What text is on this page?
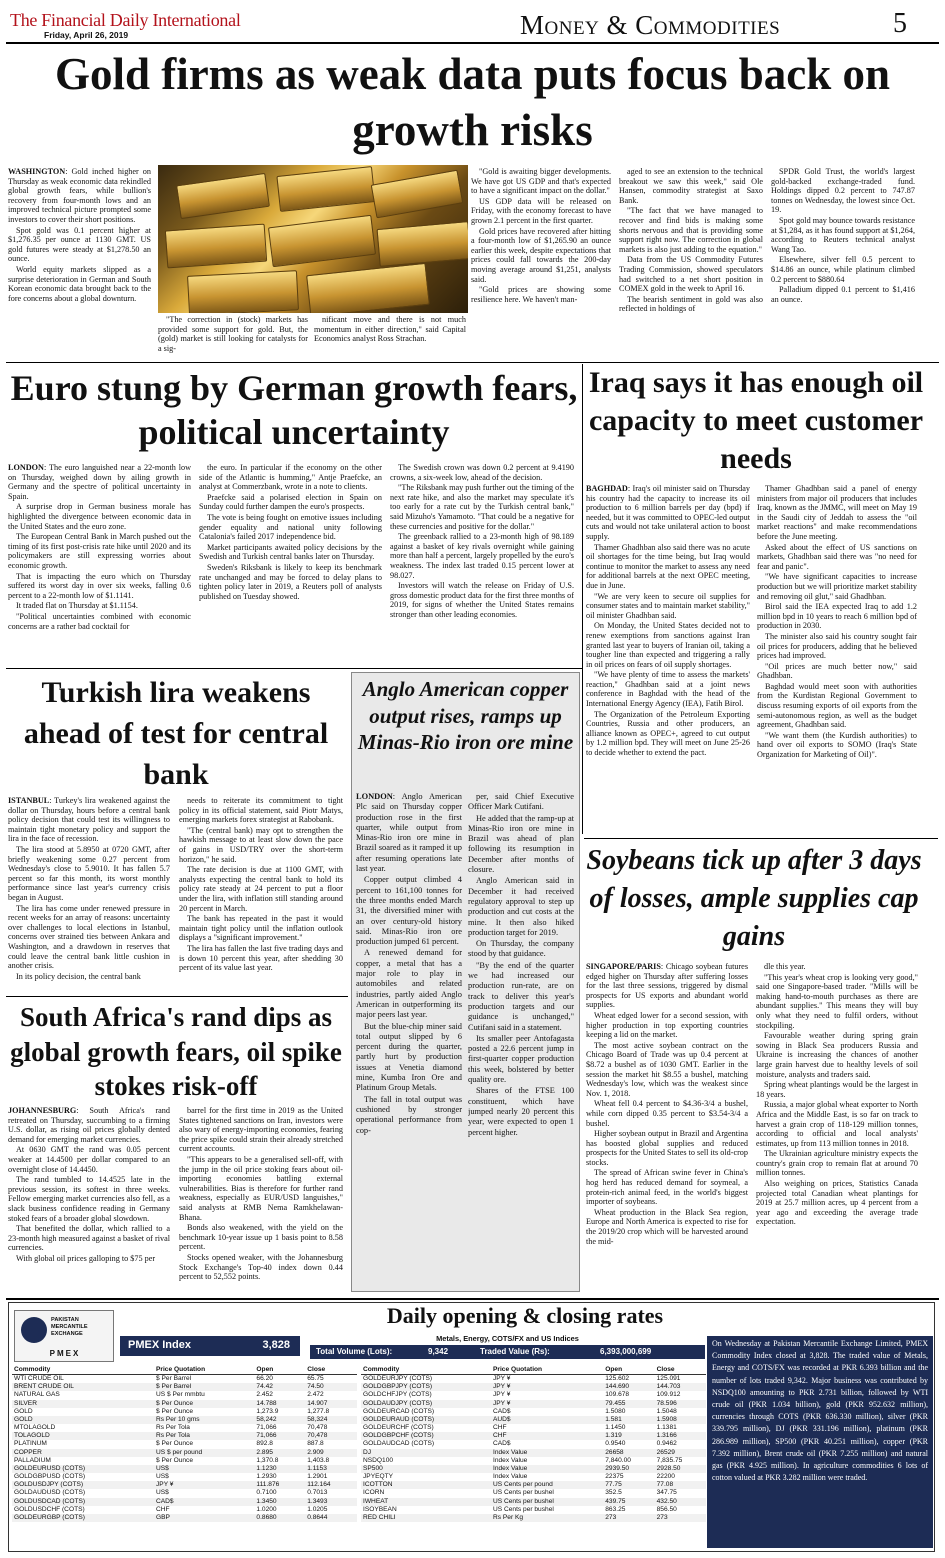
The Financial Daily International
Friday, April 26, 2019	Money & Commodities	5
Gold firms as weak data puts focus back on growth risks

WASHINGTON: Gold inched higher on Thursday as weak economic data rekindled global growth fears, while bullion's recovery from four-month lows and an improved technical picture prompted some investors to cover their short positions.

Spot gold was 0.1 percent higher at $1,276.35 per ounce at 1130 GMT. US gold futures were steady at $1,278.50 an ounce.

World equity markets slipped as a surprise deterioration in German and South Korean economic data brought back to the fore concerns about a global downturn.

"The correction in (stock) markets has provided some support for gold. But, the (gold) market is still looking for catalysts for a sig-

nificant move and there is not much momentum in either direction," said Capital Economics analyst Ross Strachan.

"Gold is awaiting bigger developments. We have got US GDP and that's expected to have a significant impact on the dollar."

US GDP data will be released on Friday, with the economy forecast to have grown 2.1 percent in the first quarter.

Gold prices have recovered after hitting a four-month low of $1,265.90 an ounce earlier this week, despite expectations that prices could fall towards the 200-day moving average around $1,251, analysts said.

"Gold prices are showing some resilience here. We haven't man-

aged to see an extension to the technical breakout we saw this week," said Ole Hansen, commodity strategist at Saxo Bank.

"The fact that we have managed to recover and find bids is making some shorts nervous and that is providing some support right now. The correction in global markets is also just adding to the equation."

Data from the US Commodity Futures Trading Commission, showed speculators had switched to a net short position in COMEX gold in the week to April 16.

The bearish sentiment in gold was also reflected in holdings of

SPDR Gold Trust, the world's largest gold-backed exchange-traded fund. Holdings dipped 0.2 percent to 747.87 tonnes on Wednesday, the lowest since Oct. 19.

Spot gold may bounce towards resistance at $1,284, as it has found support at $1,264, according to Reuters technical analyst Wang Tao.

Elsewhere, silver fell 0.5 percent to $14.86 an ounce, while platinum climbed 0.2 percent to $880.64

Palladium dipped 0.1 percent to $1,416 an ounce.

Euro stung by German growth fears, political uncertainty

LONDON: The euro languished near a 22-month low on Thursday, weighed down by ailing growth in Germany and the spectre of political uncertainty in Spain.

A surprise drop in German business morale has highlighted the divergence between economic data in the United States and the euro zone.

The European Central Bank in March pushed out the timing of its first post-crisis rate hike until 2020 and its policymakers are still expressing worries about economic growth.

That is impacting the euro which on Thursday suffered its worst day in over six weeks, falling 0.6 percent to a 22-month low of $1.1141.

It traded flat on Thursday at $1.1154.

"Political uncertainties combined with economic concerns are a rather bad cocktail for

the euro. In particular if the economy on the other side of the Atlantic is humming," Antje Praefcke, an analyst at Commerzbank, wrote in a note to clients.

Praefcke said a polarised election in Spain on Sunday could further dampen the euro's prospects.

The vote is being fought on emotive issues including gender equality and national unity following Catalonia's failed 2017 independence bid.

Market participants awaited policy decisions by the Swedish and Turkish central banks later on Thursday.

Sweden's Riksbank is likely to keep its benchmark rate unchanged and may be forced to delay plans to tighten policy later in 2019, a Reuters poll of analysts published on Tuesday showed.

The Swedish crown was down 0.2 percent at 9.4190 crowns, a six-week low, ahead of the decision.

"The Riksbank may push further out the timing of the next rate hike, and also the market may speculate it's too early for a rate cut by the Turkish central bank," said Mizuho's Yamamoto. "That could be a negative for these currencies and positive for the dollar."

The greenback rallied to a 23-month high of 98.189 against a basket of key rivals overnight while gaining more than half a percent, largely propelled by the euro's weakness. The index last traded 0.15 percent lower at 98.027.

Investors will watch the release on Friday of U.S. gross domestic product data for the first three months of 2019, for signs of whether the United States remains stronger than other leading economies.

Iraq says it has enough oil capacity to meet customer needs

BAGHDAD: Iraq's oil minister said on Thursday his country had the capacity to increase its oil production to 6 million barrels per day (bpd) if needed, but it was committed to OPEC-led output cuts and would not take unilateral action to boost supply.

Thamer Ghadhban also said there was no acute oil shortages for the time being, but Iraq would continue to monitor the market to assess any need for additional barrels at the next OPEC meeting, due in June.

"We are very keen to secure oil supplies for consumer states and to maintain market stability," oil minister Ghadhban said.

On Monday, the United States decided not to renew exemptions from sanctions against Iran granted last year to buyers of Iranian oil, taking a tougher line than expected and triggering a rally in oil prices on fears of oil supply shortages.

"We have plenty of time to assess the markets' reaction," Ghadhban said at a joint news conference in Baghdad with the head of the International Energy Agency (IEA), Fatih Birol.

The Organization of the Petroleum Exporting Countries, Russia and other producers, an alliance known as OPEC+, agreed to cut output by 1.2 million bpd. They will meet on June 25-26 to decide whether to extend the pact.

Thamer Ghadhban said a panel of energy ministers from major oil producers that includes Iraq, known as the JMMC, will meet on May 19 in the Saudi city of Jeddah to assess the "oil market reactions" and make recommendations before the June meeting.

Asked about the effect of US sanctions on markets, Ghadhban said there was "no need for fear and panic".

"We have significant capacities to increase production but we will prioritize market stability and removing oil glut," said Ghadhban.

Birol said the IEA expected Iraq to add 1.2 million bpd in 10 years to reach 6 million bpd of production in 2030.

The minister also said his country sought fair oil prices for producers, adding that he believed prices had improved.

"Oil prices are much better now," said Ghadhban.

Baghdad would meet soon with authorities from the Kurdistan Regional Government to discuss resuming exports of oil exports from the semi-autonomous region, as well as the budget agreement, Ghadhban said.

"We want them (the Kurdish authorities) to hand over oil exports to SOMO (Iraq's State Organization for Marketing of Oil)".

Turkish lira weakens ahead of test for central bank

ISTANBUL: Turkey's lira weakened against the dollar on Thursday, hours before a central bank policy decision that could test its willingness to maintain tight monetary policy and support the lira in the face of recession.

The lira stood at 5.8950 at 0720 GMT, after briefly weakening some 0.27 percent from Wednesday's close to 5.9010. It has fallen 5.7 percent so far this month, its worst monthly performance since last year's currency crisis began in August.

The lira has come under renewed pressure in recent weeks for an array of reasons: uncertainty over challenges to local elections in Istanbul, concerns over strained ties between Ankara and Washington, and a drawdown in reserves that could leave the central bank little cushion in another crisis.

In its policy decision, the central bank

needs to reiterate its commitment to tight policy in its official statement, said Piotr Matys, emerging markets forex strategist at Rabobank.

"The (central bank) may opt to strengthen the hawkish message to at least slow down the pace of gains in USD/TRY over the short-term horizon," he said.

The rate decision is due at 1100 GMT, with analysts expecting the central bank to hold its policy rate steady at 24 percent to put a floor under the lira, with inflation still standing around 20 percent in March.

The bank has repeated in the past it would maintain tight policy until the inflation outlook displays a "significant improvement."

The lira has fallen the last five trading days and is down 10 percent this year, after shedding 30 percent of its value last year.

Anglo American copper output rises, ramps up Minas-Rio iron ore mine

LONDON: Anglo American Plc said on Thursday copper production rose in the first quarter, while output from Minas-Rio iron ore mine in Brazil soared as it ramped it up after resuming operations late last year.

Copper output climbed 4 percent to 161,100 tonnes for the three months ended March 31, the diversified miner with an over century-old history said. Minas-Rio iron ore production jumped 61 percent.

A renewed demand for copper, a metal that has a major role to play in automobiles and related industries, partly aided Anglo American in outperforming its major peers last year.

But the blue-chip miner said total output slipped by 6 percent during the quarter, partly hurt by production issues at Venetia diamond mine, Kumba Iron Ore and Platinum Group Metals.

The fall in total output was cushioned by stronger operational performance from cop-

per, said Chief Executive Officer Mark Cutifani.

He added that the ramp-up at Minas-Rio iron ore mine in Brazil was ahead of plan following its resumption in December after months of closure.

Anglo American said in December it had received regulatory approval to step up production and cut costs at the mine. It then also hiked production target for 2019.

On Thursday, the company stood by that guidance.

"By the end of the quarter we had increased our production run-rate, are on track to deliver this year's production targets and our guidance is unchanged," Cutifani said in a statement.

Its smaller peer Antofagasta posted a 22.6 percent jump in first-quarter copper production this week, bolstered by better quality ore.

Shares of the FTSE 100 constituent, which have jumped nearly 20 percent this year, were expected to open 1 percent higher.

South Africa's rand dips as global growth fears, oil spike stokes risk-off

JOHANNESBURG: South Africa's rand retreated on Thursday, succumbing to a firming U.S. dollar, as rising oil prices globally dented demand for emerging market currencies.

At 0630 GMT the rand was 0.05 percent weaker at 14.4500 per dollar compared to an overnight close of 14.4450.

The rand tumbled to 14.4525 late in the previous session, its softest in three weeks. Fellow emerging market currencies also fell, as a slack business confidence reading in Germany stoked fears of a broader global slowdown.

That benefited the dollar, which rallied to a 23-month high measured against a basket of rival currencies.

With global oil prices galloping to $75 per

barrel for the first time in 2019 as the United States tightened sanctions on Iran, investors were also wary of energy-importing economies, fearing the price spike could strain their already stretched current accounts.

"This appears to be a generalised sell-off, with the jump in the oil price stoking fears about oil-importing economies battling external vulnerabilities. Bias is therefore for further rand weakness, especially as EUR/USD languishes," said analysts at RMB Nema Ramkhelawan-Bhana.

Bonds also weakened, with the yield on the benchmark 10-year issue up 1 basis point to 8.58 percent.

Stocks opened weaker, with the Johannesburg Stock Exchange's Top-40 index down 0.44 percent to 52,552 points.

Soybeans tick up after 3 days of losses, ample supplies cap gains

SINGAPORE/PARIS: Chicago soybean futures edged higher on Thursday after suffering losses for the last three sessions, triggered by dismal prospects for US exports and abundant world supplies.

Wheat edged lower for a second session, with higher production in top exporting countries keeping a lid on the market.

The most active soybean contract on the Chicago Board of Trade was up 0.4 percent at $8.72 a bushel as of 1030 GMT. Earlier in the session the market hit $8.55 a bushel, matching Wednesday's low, which was the weakest since Nov. 1, 2018.

Wheat fell 0.4 percent to $4.36-3/4 a bushel, while corn dipped 0.35 percent to $3.54-3/4 a bushel.

Higher soybean output in Brazil and Argentina has boosted global supplies and reduced prospects for the United States to sell its old-crop stocks.

The spread of African swine fever in China's hog herd has reduced demand for soymeal, a protein-rich animal feed, in the world's biggest importer of soybeans.

Wheat production in the Black Sea region, Europe and North America is expected to rise for the 2019/20 crop which will be harvested around the mid-

dle this year.

"This year's wheat crop is looking very good," said one Singapore-based trader. "Mills will be making hand-to-mouth purchases as there are abundant supplies." This means they will buy only what they need to fulfil orders, without stockpiling.

Favourable weather during spring grain sowing in Black Sea producers Russia and Ukraine is increasing the chances of another large grain harvest due to healthy levels of soil moisture, analysts and traders said.

Spring wheat plantings would be the largest in 18 years.

Russia, a major global wheat exporter to North Africa and the Middle East, is so far on track to harvest a grain crop of 118-129 million tonnes, according to official and local analysts' estimates, up from 113 million tonnes in 2018.

The Ukrainian agriculture ministry expects the country's grain crop to remain flat at around 70 million tonnes.

Also weighing on prices, Statistics Canada projected total Canadian wheat plantings for 2019 at 25.7 million acres, up 4 percent from a year ago and exceeding the average trade expectation.

PAKISTAN MERCANTILE EXCHANGE
PMEX
Daily opening & closing rates
PMEX Index	3,828
Metals, Energy, COTS/FX and US Indices
Total Volume (Lots):	9,342	Traded Value (Rs):	6,393,000,699
Commodity	Price Quotation	Open	Close
WTI CRUDE OIL	$ Per Barrel	66.20	65.75
BRENT CRUDE OIL	$ Per Barrel	74.42	74.50
NATURAL GAS	US $ Per mmbtu	2.452	2.472
SILVER	$ Per Ounce	14.788	14.907
GOLD	$ Per Ounce	1,273.9	1,277.8
GOLD	Rs Per 10 gms	58,242	58,324
MTOLAGOLD	Rs Per Tola	71,066	70,478
TOLAGOLD	Rs Per Tola	71,066	70,478
PLATINUM	$ Per Ounce	892.8	887.8
COPPER	US $ per pound	2.895	2.909
PALLADIUM	$ Per Ounce	1,370.8	1,403.8
GOLDEURUSD (COTS)	US$	1.1230	1.1153
GOLDGBPUSD (COTS)	US$	1.2930	1.2901
GOLDUSDJPY (COTS)	JPY ¥	111.876	112.164
GOLDAUDUSD (COTS)	US$	0.7100	0.7013
GOLDUSDCAD (COTS)	CAD$	1.3450	1.3493
GOLDUSDCHF (COTS)	CHF	1.0200	1.0205
GOLDEURGBP (COTS)	GBP	0.8680	0.8644
Commodity	Price Quotation	Open	Close
GOLDEURJPY (COTS)	JPY ¥	125.602	125.091
GOLDGBPJPY (COTS)	JPY ¥	144.690	144.703
GOLDCHFJPY (COTS)	JPY ¥	109.678	109.912
GOLDAUDJPY (COTS)	JPY ¥	79.455	78.596
GOLDEURCAD (COTS)	CAD$	1.5080	1.5048
GOLDEURAUD (COTS)	AUD$	1.581	1.5908
GOLDEURCHF (COTS)	CHF	1.1450	1.1381
GOLDGBPCHF (COTS)	CHF	1.319	1.3166
GOLDAUDCAD (COTS)	CAD$	0.9540	0.9462
DJ	Index Value	26658	26529
NSDQ100	Index Value	7,840.00	7,835.75
SP500	Index Value	2939.50	2928.50
JPYEQTY	Index Value	22375	22200
ICOTTON	US Cents per pound	77.75	77.08
ICORN	US Cents per bushel	352.5	347.75
IWHEAT	US Cents per bushel	439.75	432.50
ISOYBEAN	US Cents per bushel	863.25	856.50
RED CHILI	Rs Per Kg	273	273
On Wednesday at Pakistan Mercantile Exchange Limited, PMEX Commodity Index closed at 3,828. The traded value of Metals, Energy and COTS/FX was recorded at PKR 6.393 billion and the number of lots traded 9,342. Major business was contributed by NSDQ100 amounting to PKR 2.731 billion, followed by WTI crude oil (PKR 1.034 billion), gold (PKR 952.632 million), currencies through COTS (PKR 636.330 million), silver (PKR 339.795 million), DJ (PKR 331.196 million), platinum (PKR 286.989 million), SP500 (PKR 40.251 million), copper (PKR 7.392 million), Brent crude oil (PKR 7.255 million) and natural gas (PKR 4.925 million). In agriculture commodities 6 lots of cotton valued at PKR 3.282 million were traded.
